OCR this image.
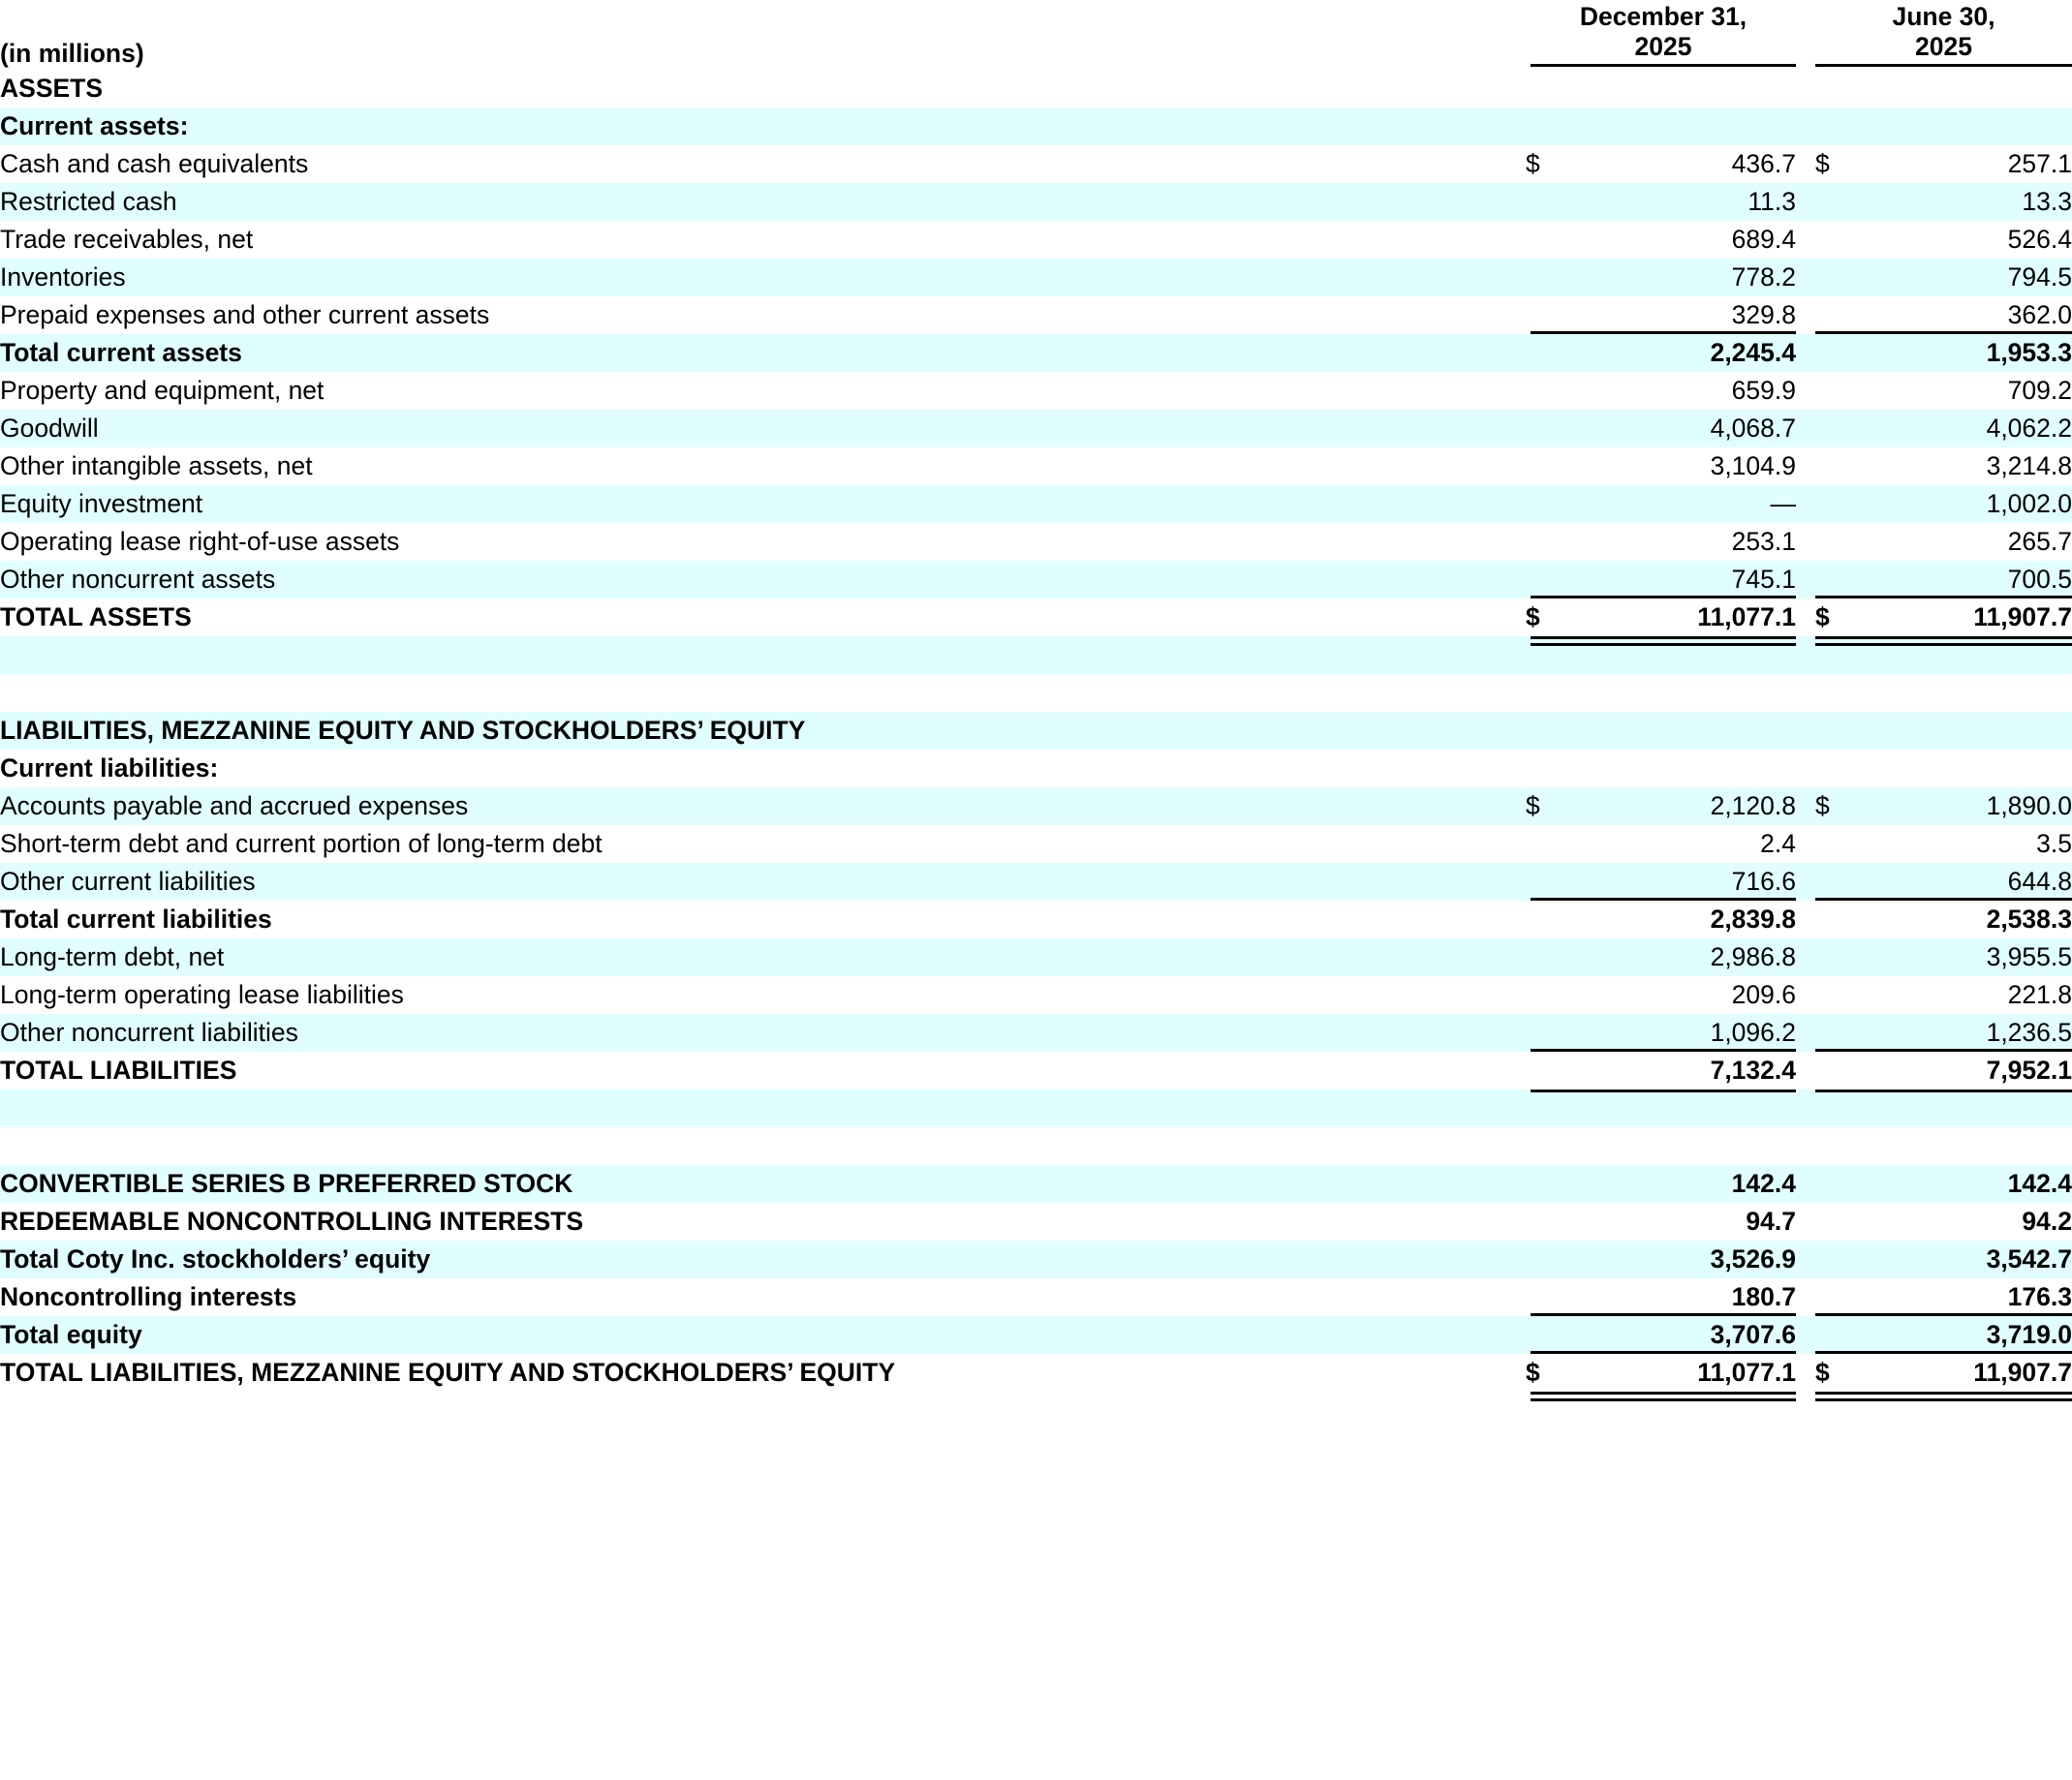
December 31,
2025
June 30,
2025
(in millions)					
ASSETS					
Current assets:					
Cash and cash equivalents	$	436.7		$	257.1
Restricted cash		11.3			13.3
Trade receivables, net		689.4			526.4
Inventories		778.2			794.5
Prepaid expenses and other current assets		329.8			362.0
Total current assets		2,245.4			1,953.3
Property and equipment, net		659.9			709.2
Goodwill		4,068.7			4,062.2
Other intangible assets, net		3,104.9			3,214.8
Equity investment		—			1,002.0
Operating lease right-of-use assets		253.1			265.7
Other noncurrent assets		745.1			700.5
TOTAL ASSETS	$	11,077.1		$	11,907.7

LIABILITIES, MEZZANINE EQUITY AND STOCKHOLDERS’ EQUITY					
Current liabilities:					
Accounts payable and accrued expenses	$	2,120.8		$	1,890.0
Short-term debt and current portion of long-term debt		2.4			3.5
Other current liabilities		716.6			644.8
Total current liabilities		2,839.8			2,538.3
Long-term debt, net		2,986.8			3,955.5
Long-term operating lease liabilities		209.6			221.8
Other noncurrent liabilities		1,096.2			1,236.5
TOTAL LIABILITIES		7,132.4			7,952.1

CONVERTIBLE SERIES B PREFERRED STOCK		142.4			142.4
REDEEMABLE NONCONTROLLING INTERESTS		94.7			94.2
Total Coty Inc. stockholders’ equity		3,526.9			3,542.7
Noncontrolling interests		180.7			176.3
Total equity		3,707.6			3,719.0
TOTAL LIABILITIES, MEZZANINE EQUITY AND STOCKHOLDERS’ EQUITY	$	11,077.1		$	11,907.7
